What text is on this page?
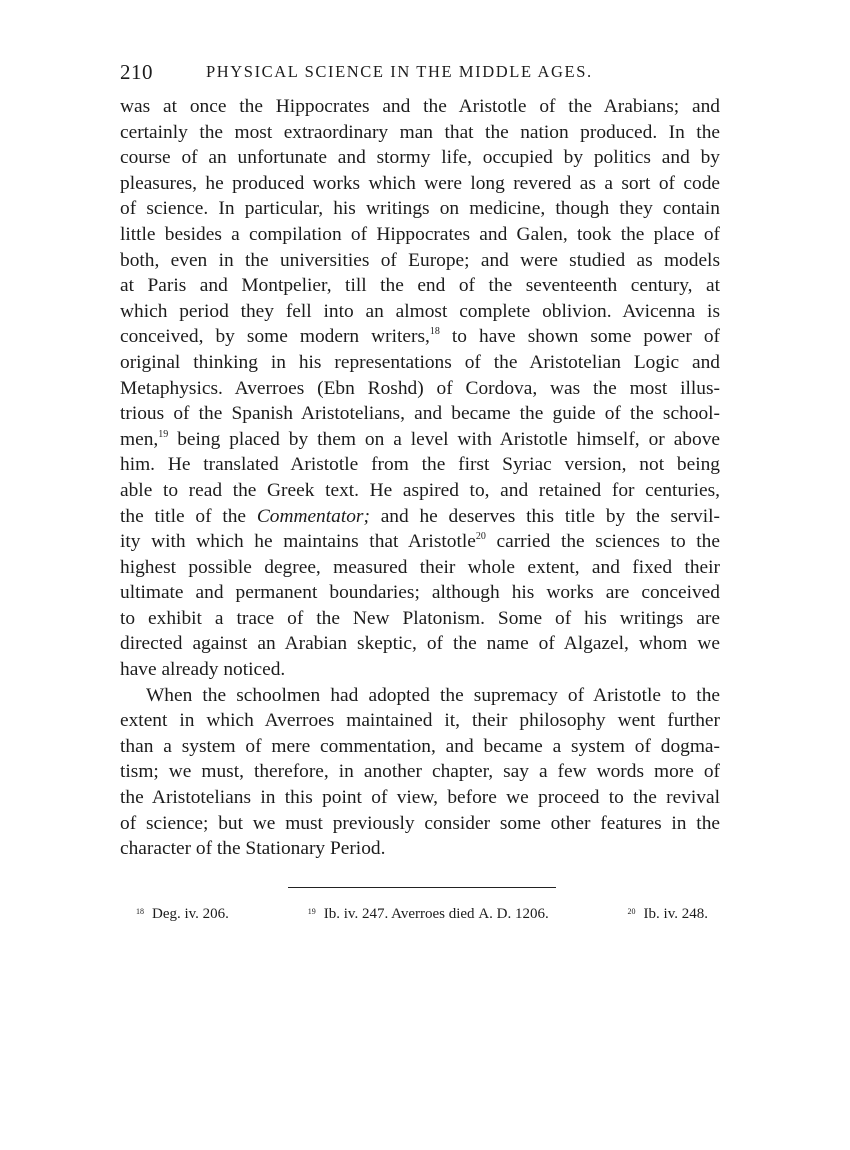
210	PHYSICAL SCIENCE IN THE MIDDLE AGES.
was at once the Hippocrates and the Aristotle of the Arabians; and
certainly the most extraordinary man that the nation produced. In the
course of an unfortunate and stormy life, occupied by politics and by
pleasures, he produced works which were long revered as a sort of code
of science. In particular, his writings on medicine, though they contain
little besides a compilation of Hippocrates and Galen, took the place of
both, even in the universities of Europe; and were studied as models
at Paris and Montpelier, till the end of the seventeenth century, at
which period they fell into an almost complete oblivion. Avicenna is
conceived, by some modern writers,$^{18}$ to have shown some power of
original thinking in his representations of the Aristotelian Logic and
Metaphysics. Averroes (Ebn Roshd) of Cordova, was the most illus-
trious of the Spanish Aristotelians, and became the guide of the school-
men,$^{19}$ being placed by them on a level with Aristotle himself, or above
him. He translated Aristotle from the first Syriac version, not being
able to read the Greek text. He aspired to, and retained for centuries,
the title of the Commentator; and he deserves this title by the servil-
ity with which he maintains that Aristotle$^{20}$ carried the sciences to the
highest possible degree, measured their whole extent, and fixed their
ultimate and permanent boundaries; although his works are conceived
to exhibit a trace of the New Platonism. Some of his writings are
directed against an Arabian skeptic, of the name of Algazel, whom we
have already noticed.
When the schoolmen had adopted the supremacy of Aristotle to the
extent in which Averroes maintained it, their philosophy went further
than a system of mere commentation, and became a system of dogma-
tism; we must, therefore, in another chapter, say a few words more of
the Aristotelians in this point of view, before we proceed to the revival
of science; but we must previously consider some other features in the
character of the Stationary Period.
$^{18}$ Deg. iv. 206.	$^{19}$ Ib. iv. 247. Averroes died A. D. 1206.	$^{20}$ Ib. iv. 248.
